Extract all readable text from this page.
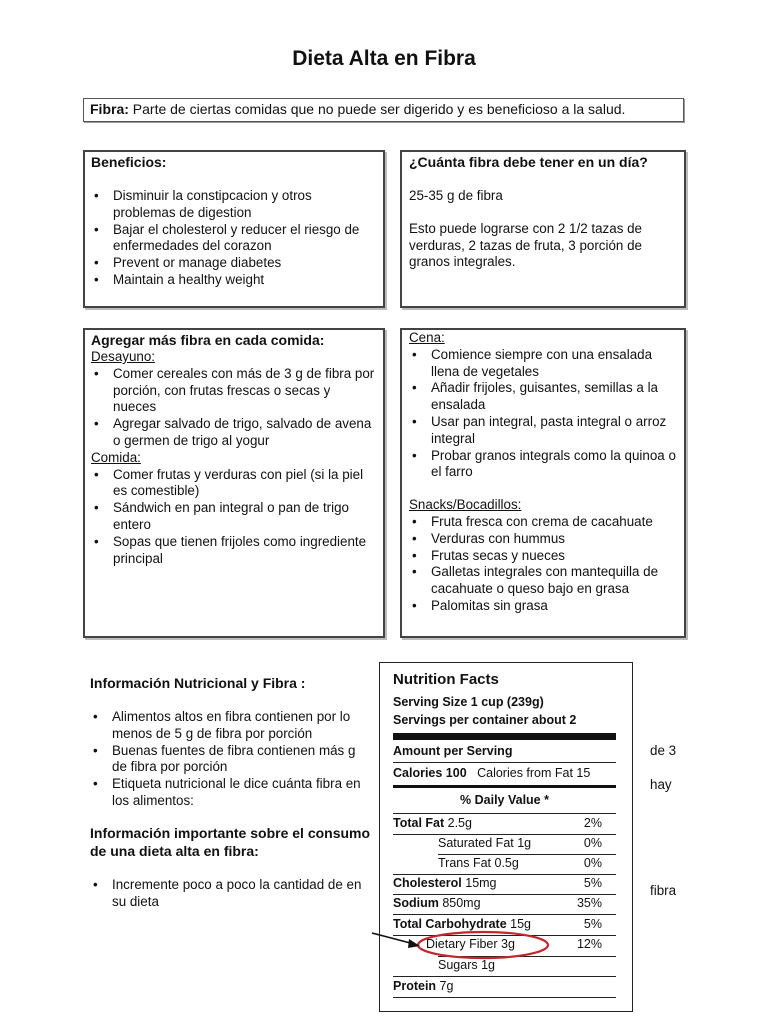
Dieta Alta en Fibra
Fibra: Parte de ciertas comidas que no puede ser digerido y es beneficioso a la salud.
Beneficios:
• Disminuir la constipcacion y otros problemas de digestion
• Bajar el cholesterol y reducer el riesgo de enfermedades del corazon
• Prevent or manage diabetes
• Maintain a healthy weight
¿Cuánta fibra debe tener en un día?

25-35 g de fibra

Esto puede lograrse con 2 1/2 tazas de verduras, 2 tazas de fruta, 3 porción de granos integrales.

Agregar más fibra en cada comida:

Desayuno:

• Comer cereales con más de 3 g de fibra por porción, con frutas frescas o secas y nueces
• Agregar salvado de trigo, salvado de avena o germen de trigo al yogur

Comida:

• Comer frutas y verduras con piel (si la piel es comestible)
• Sándwich en pan integral o pan de trigo entero
• Sopas que tienen frijoles como ingrediente principal

Cena:

• Comience siempre con una ensalada llena de vegetales
• Añadir frijoles, guisantes, semillas a la ensalada
• Usar pan integral, pasta integral o arroz integral
• Probar granos integrals como la quinoa o el farro

Snacks/Bocadillos:

• Fruta fresca con crema de cacahuate
• Verduras con hummus
• Frutas secas y nueces
• Galletas integrales con mantequilla de cacahuate o queso bajo en grasa
• Palomitas sin grasa
Información Nutricional y Fibra :
• Alimentos altos en fibra contienen por lo menos de 5 g de fibra por porción
• Buenas fuentes de fibra contienen más g de fibra por porción
• Etiqueta nutricional le dice cuánta fibra en los alimentos:
Información importante sobre el consumo de una dieta alta en fibra:
• Incremente poco a poco la cantidad de en su dieta
de 3
hay
fibra
Nutrition Facts
Serving Size 1 cup (239g)
Servings per container about 2
Amount per Serving
Calories 100 Calories from Fat 15
% Daily Value *
Total Fat 2.5g	2%
Saturated Fat 1g	0%
Trans Fat 0.5g	0%
Cholesterol 15mg	5%
Sodium 850mg	35%
Total Carbohydrate 15g	5%
Dietary Fiber 3g	12%
Sugars 1g
Protein 7g
